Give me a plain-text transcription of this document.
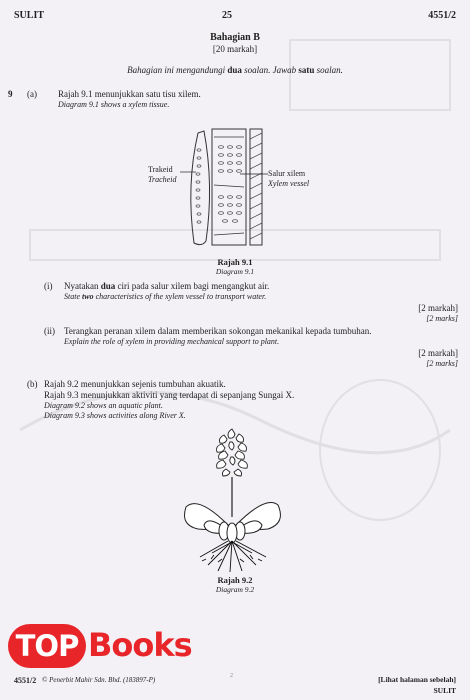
SULIT	25	4551/2
Bahagian B
[20 markah]
Bahagian ini mengandungi dua soalan. Jawab satu soalan.
9 (a) Rajah 9.1 menunjukkan satu tisu xilem.
Diagram 9.1 shows a xylem tissue.
Trakeid
Tracheid
Salur xilem
Xylem vessel
Rajah 9.1
Diagram 9.1
(i) Nyatakan dua ciri pada salur xilem bagi mengangkut air.
State two characteristics of the xylem vessel to transport water.
[2 markah]
[2 marks]
(ii) Terangkan peranan xilem dalam memberikan sokongan mekanikal kepada tumbuhan.
Explain the role of xylem in providing mechanical support to plant.
[2 markah]
[2 marks]
(b) Rajah 9.2 menunjukkan sejenis tumbuhan akuatik.
Rajah 9.3 menunjukkan aktiviti yang terdapat di sepanjang Sungai X.
Diagram 9.2 shows an aquatic plant.
Diagram 9.3 shows activities along River X.
Rajah 9.2
Diagram 9.2
TOP Books
4551/2 © Penerbit Mahir Sdn. Bhd. (183897-P)	2	[Lihat halaman sebelah]
SULIT
